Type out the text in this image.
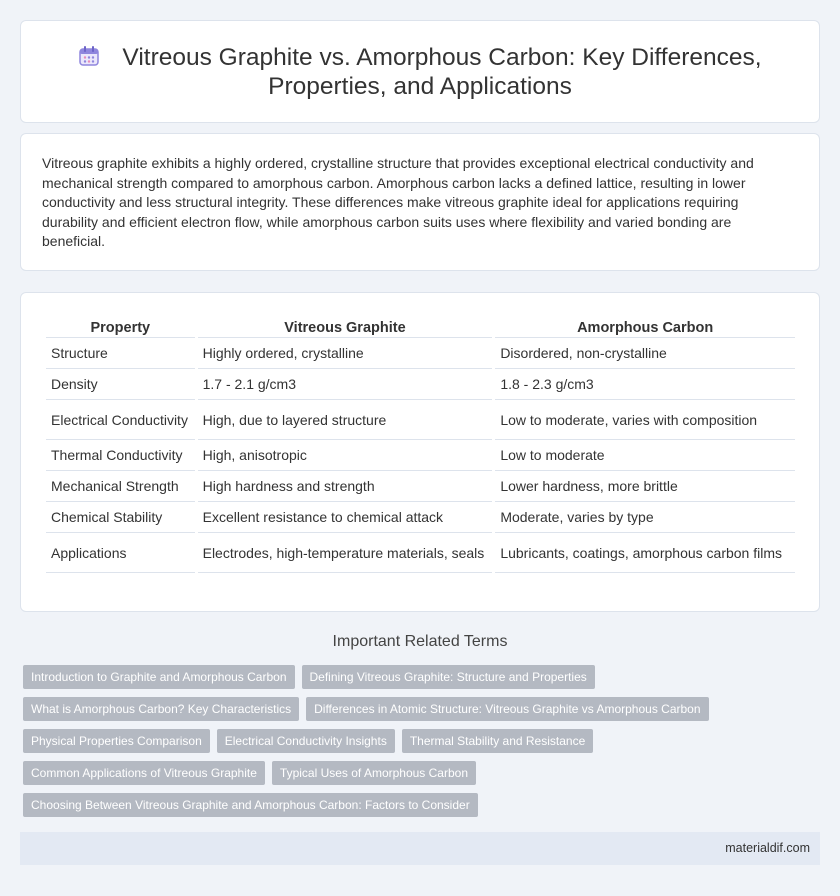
Vitreous Graphite vs. Amorphous Carbon: Key Differences, Properties, and Applications

Vitreous graphite exhibits a highly ordered, crystalline structure that provides exceptional electrical conductivity and mechanical strength compared to amorphous carbon. Amorphous carbon lacks a defined lattice, resulting in lower conductivity and less structural integrity. These differences make vitreous graphite ideal for applications requiring durability and efficient electron flow, while amorphous carbon suits uses where flexibility and varied bonding are beneficial.

Property	Vitreous Graphite	Amorphous Carbon
Structure	Highly ordered, crystalline	Disordered, non-crystalline
Density	1.7 - 2.1 g/cm3	1.8 - 2.3 g/cm3
Electrical Conductivity	High, due to layered structure	Low to moderate, varies with composition
Thermal Conductivity	High, anisotropic	Low to moderate
Mechanical Strength	High hardness and strength	Lower hardness, more brittle
Chemical Stability	Excellent resistance to chemical attack	Moderate, varies by type
Applications	Electrodes, high-temperature materials, seals	Lubricants, coatings, amorphous carbon films
Important Related Terms
Introduction to Graphite and Amorphous Carbon	Defining Vitreous Graphite: Structure and Properties
What is Amorphous Carbon? Key Characteristics	Differences in Atomic Structure: Vitreous Graphite vs Amorphous Carbon
Physical Properties Comparison	Electrical Conductivity Insights	Thermal Stability and Resistance
Common Applications of Vitreous Graphite	Typical Uses of Amorphous Carbon
Choosing Between Vitreous Graphite and Amorphous Carbon: Factors to Consider
materialdif.com
